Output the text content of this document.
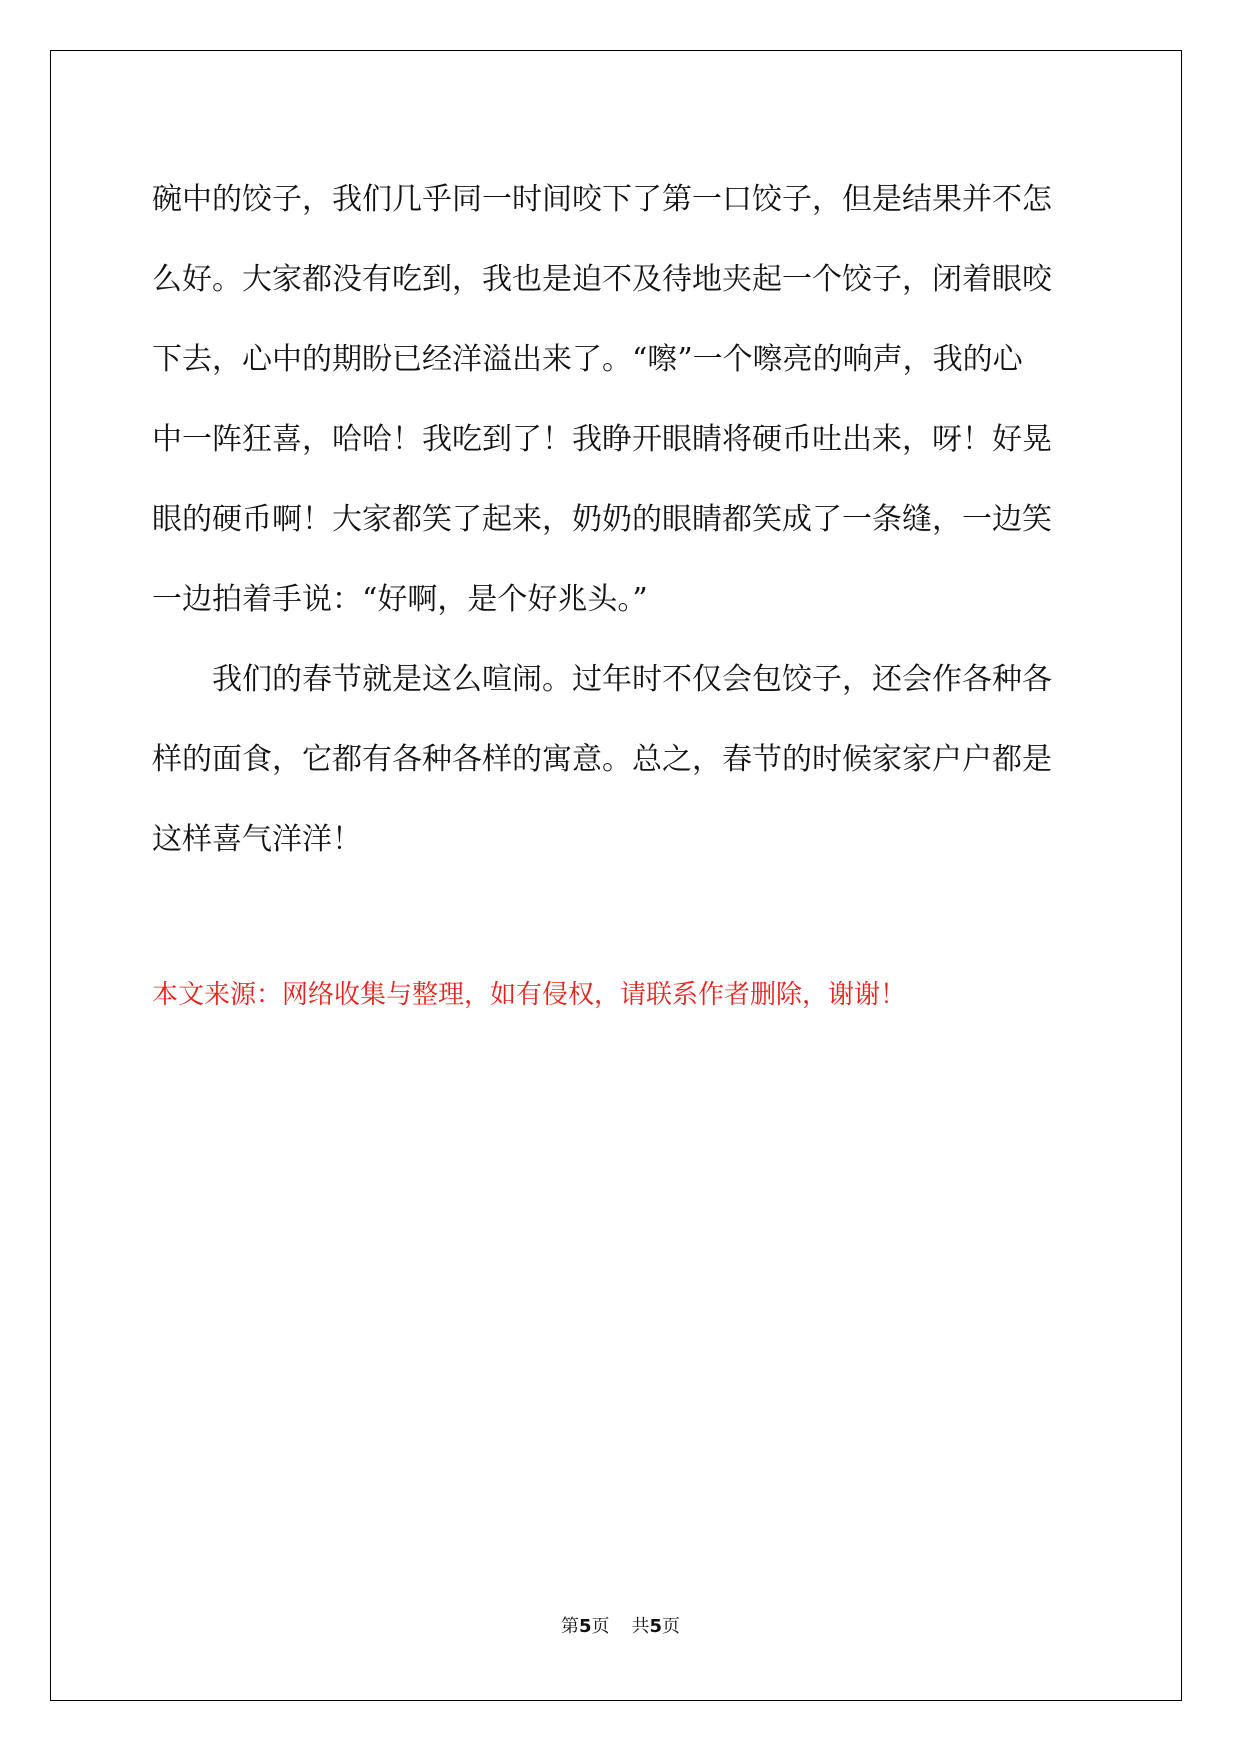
碗中的饺子，我们几乎同一时间咬下了第一口饺子，但是结果并不怎

么好。大家都没有吃到，我也是迫不及待地夹起一个饺子，闭着眼咬

下去，心中的期盼已经洋溢出来了。“嚓”一个嚓亮的响声，我的心

中一阵狂喜，哈哈！我吃到了！我睁开眼睛将硬币吐出来，呀！好晃

眼的硬币啊！大家都笑了起来，奶奶的眼睛都笑成了一条缝，一边笑

一边拍着手说：“好啊，是个好兆头。”

我们的春节就是这么喧闹。过年时不仅会包饺子，还会作各种各

样的面食，它都有各种各样的寓意。总之，春节的时候家家户户都是

这样喜气洋洋！

本文来源：网络收集与整理，如有侵权，请联系作者删除，谢谢！

第5页 共5页
